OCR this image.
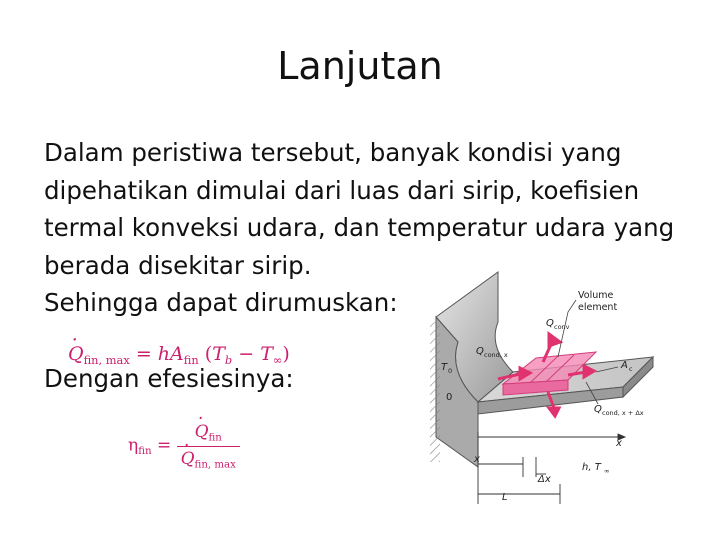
Lanjutan

Dalam peristiwa tersebut, banyak kondisi yang dipehatikan dimulai dari luas dari sirip, koefisien termal konveksi udara, dan temperatur udara yang berada disekitar sirip.

Sehingga dapat dirumuskan:

Dengan efesiesinya:

$Q \cdot_{fin, max} = hA_{fin}$ $(T_b - T_\infty)$
$\eta_{fin} = \frac{Q \cdot_{fin}}{Q \cdot_{fin, max}}$
Volume
element
Q conv
Q cond, x
A c
Q cond, x + Δx
T 0
0
x
x
Δx
L
h, T ∞
